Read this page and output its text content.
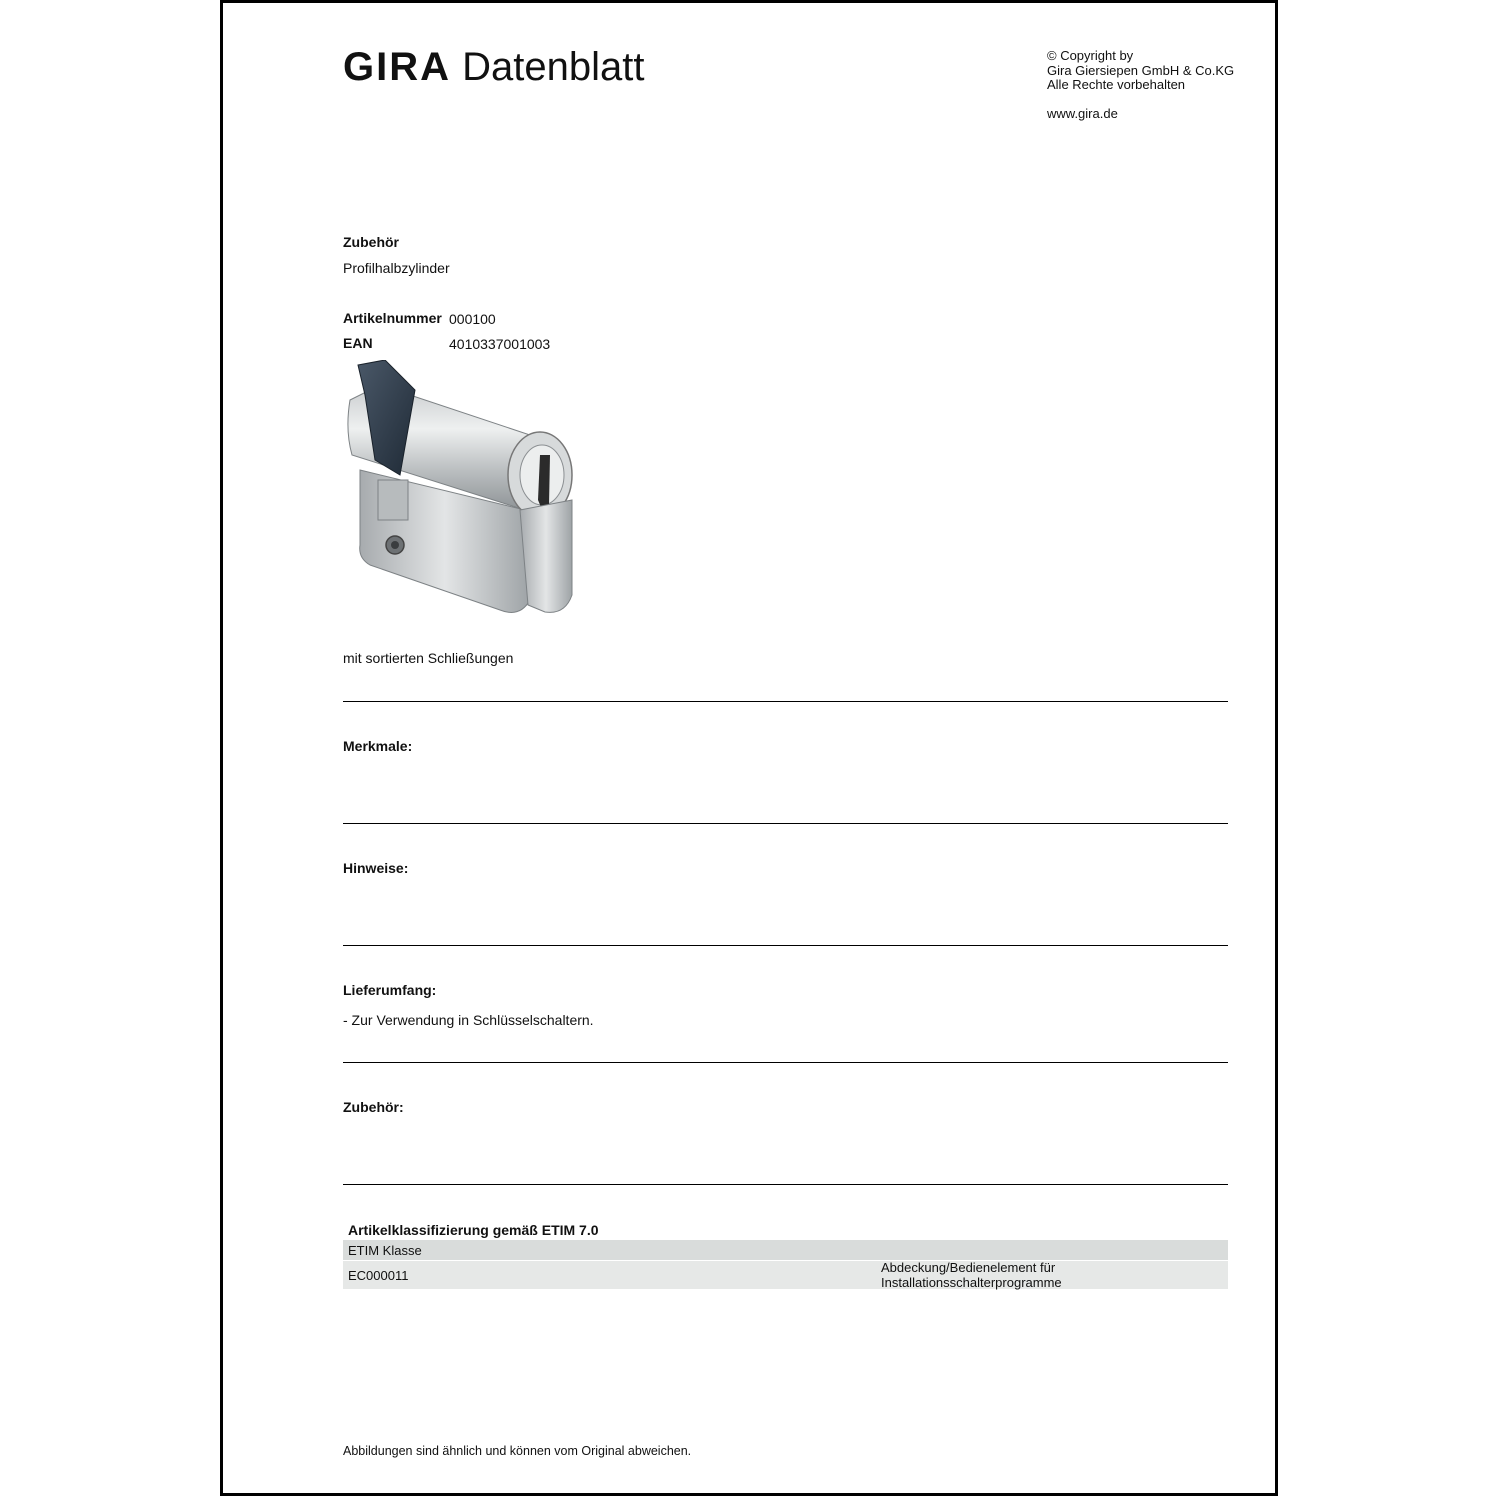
GIRA Datenblatt	© Copyright by
Gira Giersiepen GmbH & Co.KG
Alle Rechte vorbehalten
www.gira.de
Zubehör
Profilhalbzylinder
Artikelnummer 000100
EAN	4010337001003
mit sortierten Schließungen
Merkmale:
Hinweise:
Lieferumfang:
- Zur Verwendung in Schlüsselschaltern.
Zubehör:
Artikelklassifizierung gemäß ETIM 7.0
ETIM Klasse
EC000011
Abdeckung/Bedienelement für
Installationsschalterprogramme
Abbildungen sind ähnlich und können vom Original abweichen.
